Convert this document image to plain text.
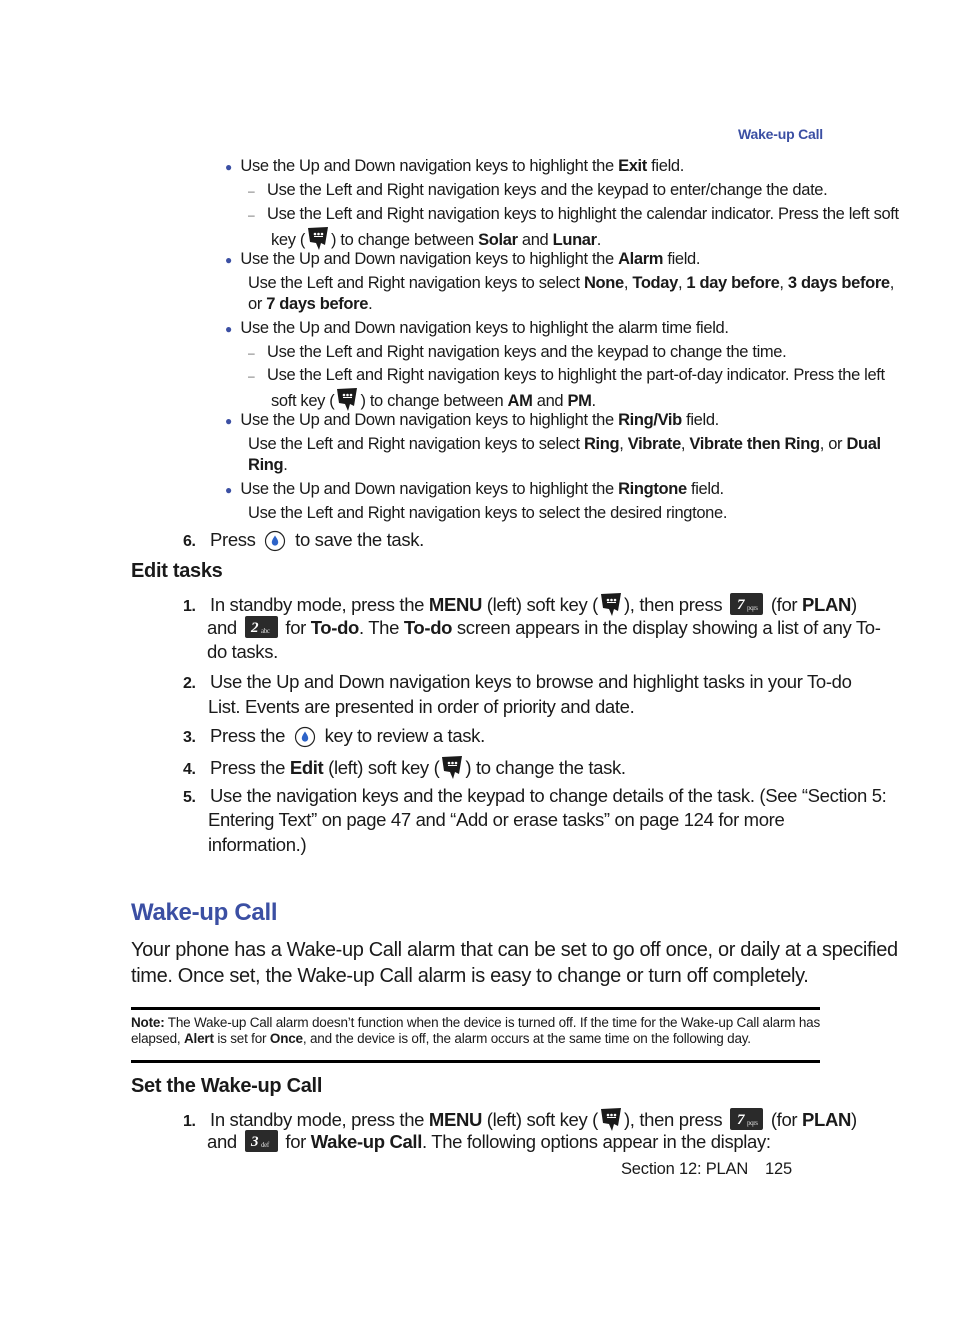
Wake-up Call
● Use the Up and Down navigation keys to highlight the Exit field.
– Use the Left and Right navigation keys and the keypad to enter/change the date.
– Use the Left and Right navigation keys to highlight the calendar indicator. Press the left soft
key ( ) to change between Solar and Lunar.
● Use the Up and Down navigation keys to highlight the Alarm field.
Use the Left and Right navigation keys to select None, Today, 1 day before, 3 days before,
or 7 days before.
● Use the Up and Down navigation keys to highlight the alarm time field.
– Use the Left and Right navigation keys and the keypad to change the time.
– Use the Left and Right navigation keys to highlight the part-of-day indicator. Press the left
soft key ( ) to change between AM and PM.
● Use the Up and Down navigation keys to highlight the Ring/Vib field.
Use the Left and Right navigation keys to select Ring, Vibrate, Vibrate then Ring, or Dual
Ring.
● Use the Up and Down navigation keys to highlight the Ringtone field.
Use the Left and Right navigation keys to select the desired ringtone.
6. Press  to save the task.
Edit tasks
1. In standby mode, press the MENU (left) soft key ( ), then press 7 pqrs (for PLAN)
and 2 abc for To-do. The To-do screen appears in the display showing a list of any To-
do tasks.
2. Use the Up and Down navigation keys to browse and highlight tasks in your To-do
List. Events are presented in order of priority and date.
3. Press the  key to review a task.
4. Press the Edit (left) soft key ( ) to change the task.
5. Use the navigation keys and the keypad to change details of the task. (See “Section 5:
Entering Text” on page 47 and “Add or erase tasks” on page 124 for more
information.)
Wake-up Call
Your phone has a Wake-up Call alarm that can be set to go off once, or daily at a specified
time. Once set, the Wake-up Call alarm is easy to change or turn off completely.
Note: The Wake-up Call alarm doesn’t function when the device is turned off. If the time for the Wake-up Call alarm has
elapsed, Alert is set for Once, and the device is off, the alarm occurs at the same time on the following day.
Set the Wake-up Call
1. In standby mode, press the MENU (left) soft key ( ), then press 7 pqrs (for PLAN)
and 3 def for Wake-up Call. The following options appear in the display:
Section 12: PLAN 125
